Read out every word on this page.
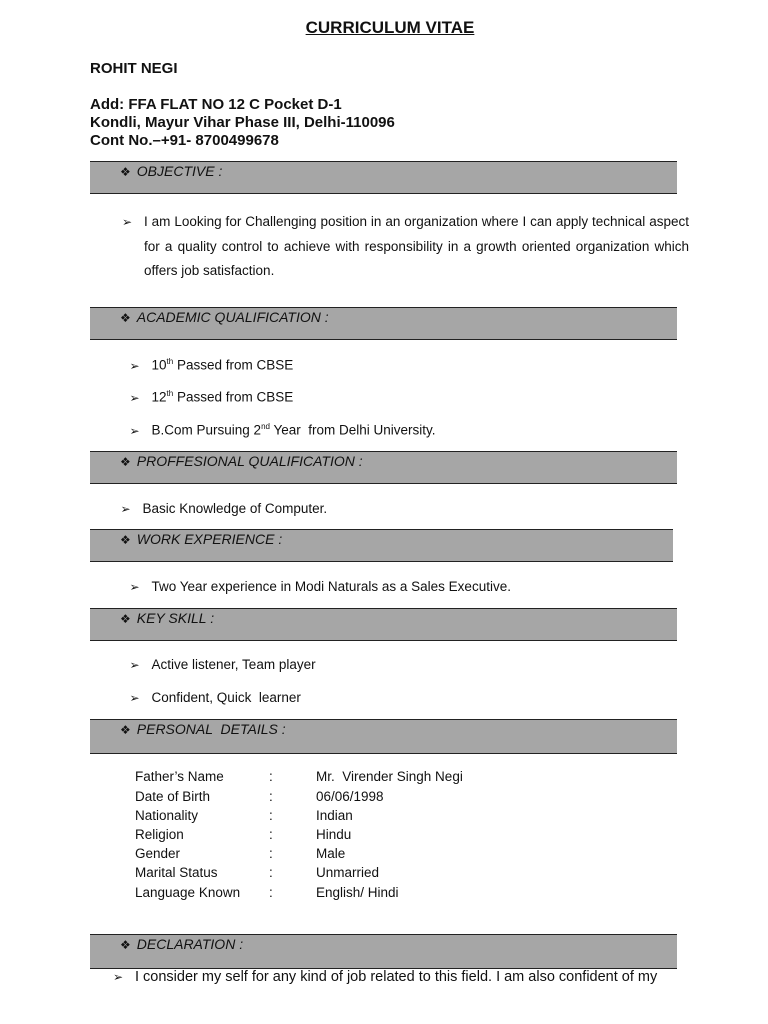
CURRICULUM VITAE
ROHIT NEGI
Add: FFA FLAT NO 12 C Pocket D-1
Kondli, Mayur Vihar Phase III, Delhi-110096
Cont No.–+91- 8700499678
❖ OBJECTIVE :
➢ I am Looking for Challenging position in an organization where I can apply technical aspect for a quality control to achieve with responsibility in a growth oriented organization which offers job satisfaction.
❖ ACADEMIC QUALIFICATION :

➢ 10th Passed from CBSE

➢ 12th Passed from CBSE

➢ B.Com Pursuing 2nd Year  from Delhi University.

❖ PROFFESIONAL QUALIFICATION :

➢ Basic Knowledge of Computer.

❖ WORK EXPERIENCE :

➢ Two Year experience in Modi Naturals as a Sales Executive.

❖ KEY SKILL :

➢ Active listener, Team player

➢ Confident, Quick  learner

❖ PERSONAL  DETAILS :
Father’s Name	:	Mr.  Virender Singh Negi
Date of Birth	:	06/06/1998
Nationality	:	Indian
Religion	:	Hindu
Gender	:	Male
Marital Status	:	Unmarried
Language Known :	English/ Hindi
❖ DECLARATION :
➢ I consider my self for any kind of job related to this field. I am also confident of my
